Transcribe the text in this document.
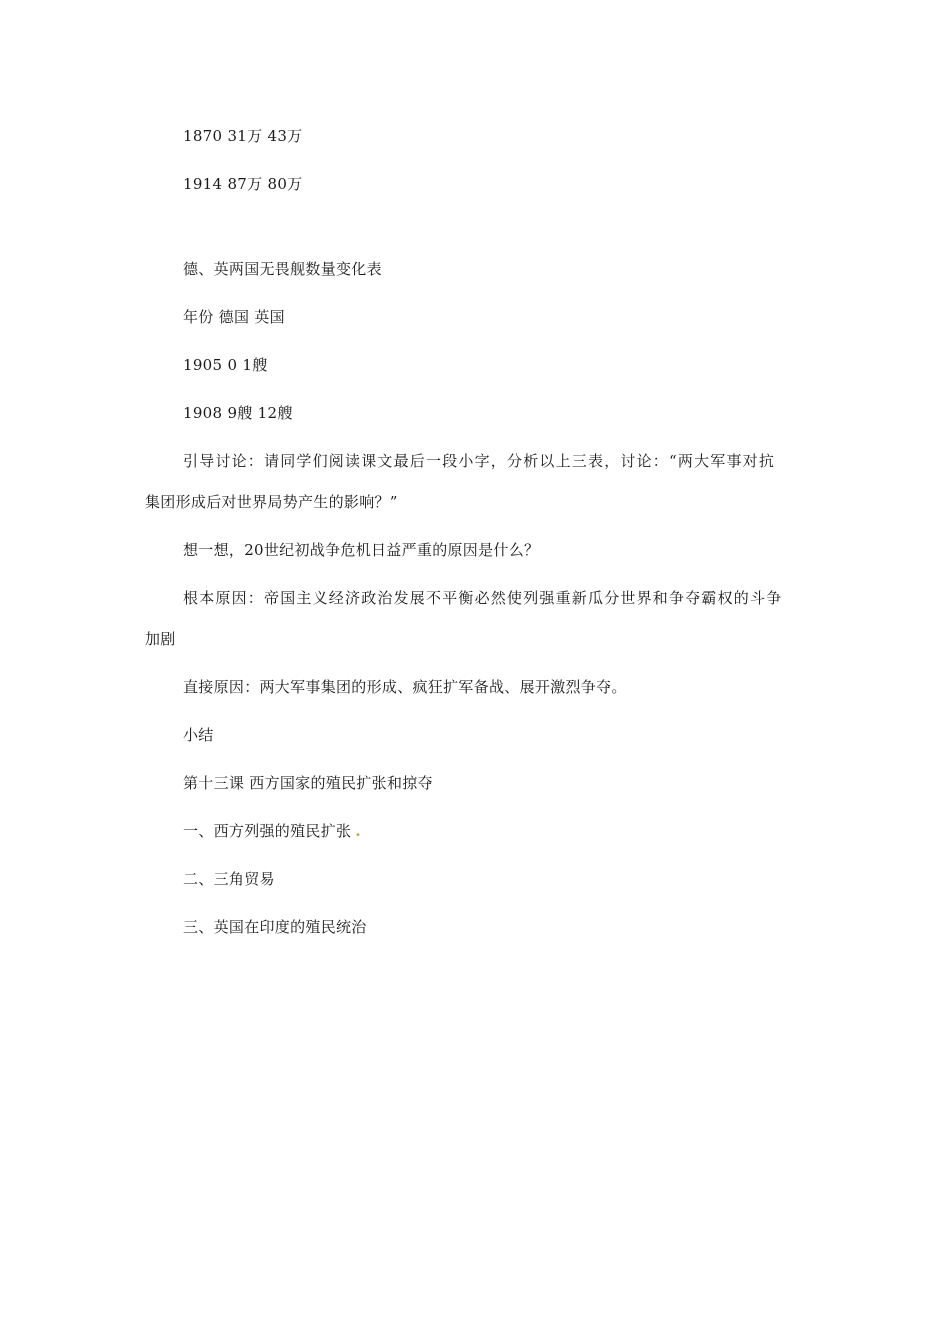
1870 31万 43万
1914 87万 80万
德、英两国无畏舰数量变化表
年份 德国 英国
1905 0 1艘
1908 9艘 12艘
引导讨论：请同学们阅读课文最后一段小字，分析以上三表，讨论：“两大军事对抗
集团形成后对世界局势产生的影响？”
想一想，20世纪初战争危机日益严重的原因是什么？
根本原因：帝国主义经济政治发展不平衡必然使列强重新瓜分世界和争夺霸权的斗争
加剧
直接原因：两大军事集团的形成、疯狂扩军备战、展开激烈争夺。
小结
第十三课 西方国家的殖民扩张和掠夺
一、西方列强的殖民扩张 .
二、三角贸易
三、英国在印度的殖民统治
